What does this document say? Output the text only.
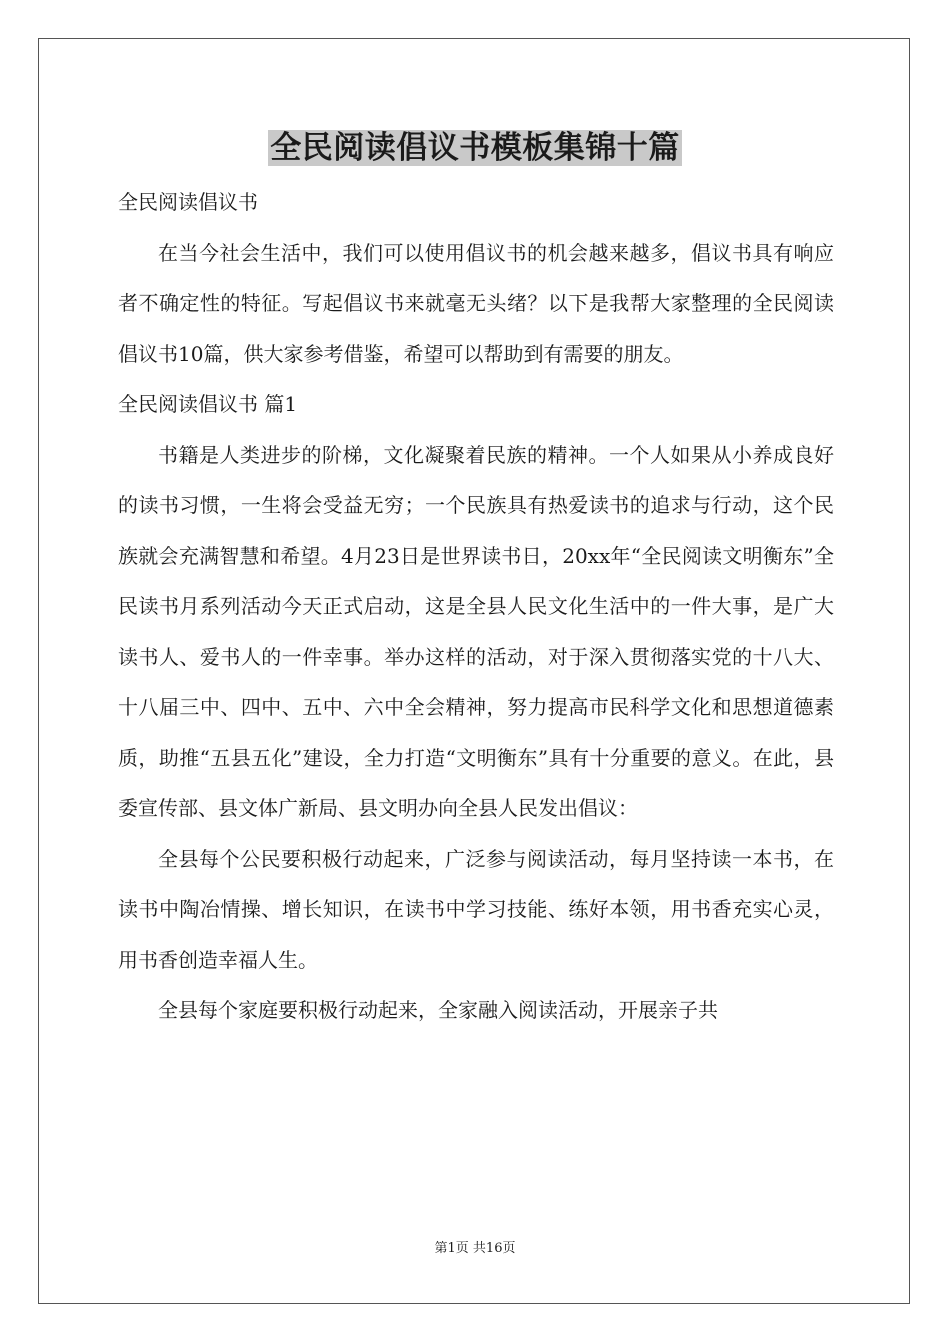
全民阅读倡议书模板集锦十篇

全民阅读倡议书

在当今社会生活中，我们可以使用倡议书的机会越来越多，倡议书具有响应者不确定性的特征。写起倡议书来就毫无头绪？以下是我帮大家整理的全民阅读倡议书10篇，供大家参考借鉴，希望可以帮助到有需要的朋友。

全民阅读倡议书 篇1

书籍是人类进步的阶梯，文化凝聚着民族的精神。一个人如果从小养成良好的读书习惯，一生将会受益无穷；一个民族具有热爱读书的追求与行动，这个民族就会充满智慧和希望。4月23日是世界读书日，20xx年“全民阅读文明衡东”全民读书月系列活动今天正式启动，这是全县人民文化生活中的一件大事，是广大读书人、爱书人的一件幸事。举办这样的活动，对于深入贯彻落实党的十八大、十八届三中、四中、五中、六中全会精神，努力提高市民科学文化和思想道德素质，助推“五县五化”建设，全力打造“文明衡东”具有十分重要的意义。在此，县委宣传部、县文体广新局、县文明办向全县人民发出倡议：

全县每个公民要积极行动起来，广泛参与阅读活动，每月坚持读一本书，在读书中陶冶情操、增长知识，在读书中学习技能、练好本领，用书香充实心灵，用书香创造幸福人生。

全县每个家庭要积极行动起来，全家融入阅读活动，开展亲子共

第1页 共16页
